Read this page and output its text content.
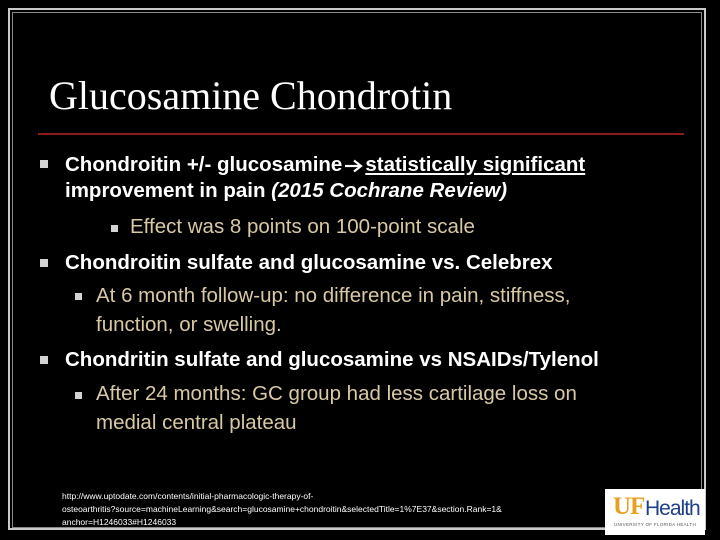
Glucosamine Chondrotin
Chondroitin +/- glucosamine statistically significant
improvement in pain (2015 Cochrane Review)
Effect was 8 points on 100-point scale
Chondroitin sulfate and glucosamine vs. Celebrex
At 6 month follow-up: no difference in pain, stiffness,
function, or swelling.
Chondritin sulfate and glucosamine vs NSAIDs/Tylenol
After 24 months: GC group had less cartilage loss on
medial central plateau
http://www.uptodate.com/contents/initial-pharmacologic-therapy-of-
osteoarthritis?source=machineLearning&search=glucosamine+chondroitin&selectedTitle=1%7E37&section.Rank=1&
anchor=H1246033#H1246033
UF Health
UNIVERSITY OF FLORIDA HEALTH
